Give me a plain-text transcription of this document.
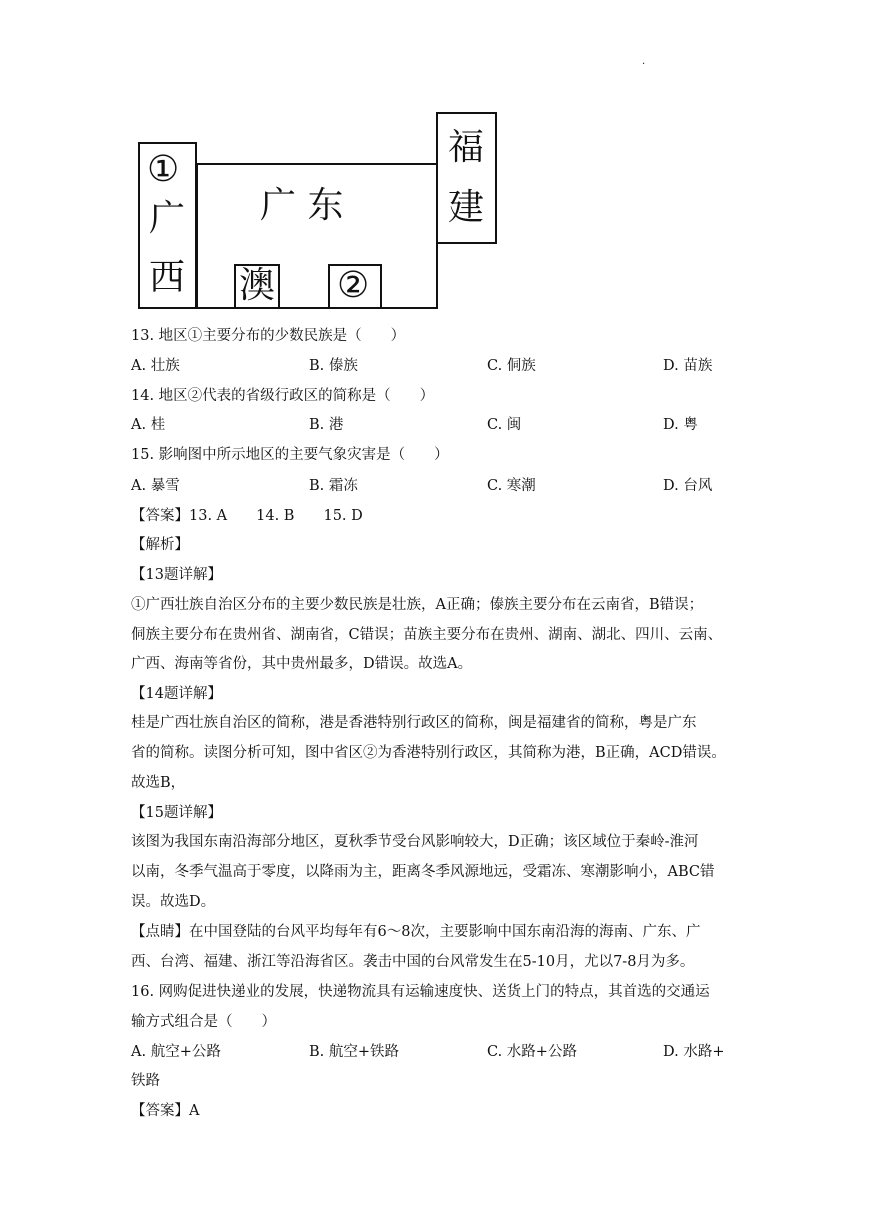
.
①
广
西
福
建
广 东
澳 ②
13. 地区①主要分布的少数民族是（　　）
A. 壮族	B. 傣族	C. 侗族	D. 苗族
14. 地区②代表的省级行政区的简称是（　　）
A. 桂	B. 港	C. 闽	D. 粤
15. 影响图中所示地区的主要气象灾害是（　　）
A. 暴雪	B. 霜冻	C. 寒潮	D. 台风
【答案】13. A　　14. B　　15. D
【解析】
【13题详解】
①广西壮族自治区分布的主要少数民族是壮族，A正确；傣族主要分布在云南省，B错误；
侗族主要分布在贵州省、湖南省，C错误；苗族主要分布在贵州、湖南、湖北、四川、云南、
广西、海南等省份，其中贵州最多，D错误。故选A。
【14题详解】
桂是广西壮族自治区的简称，港是香港特别行政区的简称，闽是福建省的简称，粤是广东
省的简称。读图分析可知，图中省区②为香港特别行政区，其简称为港，B正确，ACD错误。
故选B，
【15题详解】
该图为我国东南沿海部分地区，夏秋季节受台风影响较大，D正确；该区域位于秦岭-淮河
以南，冬季气温高于零度，以降雨为主，距离冬季风源地远，受霜冻、寒潮影响小，ABC错
误。故选D。
【点睛】在中国登陆的台风平均每年有6～8次，主要影响中国东南沿海的海南、广东、广
西、台湾、福建、浙江等沿海省区。袭击中国的台风常发生在5-10月，尤以7-8月为多。
16. 网购促进快递业的发展，快递物流具有运输速度快、送货上门的特点，其首选的交通运
输方式组合是（　　）
A. 航空+公路	B. 航空+铁路	C. 水路+公路	D. 水路+
铁路
【答案】A
